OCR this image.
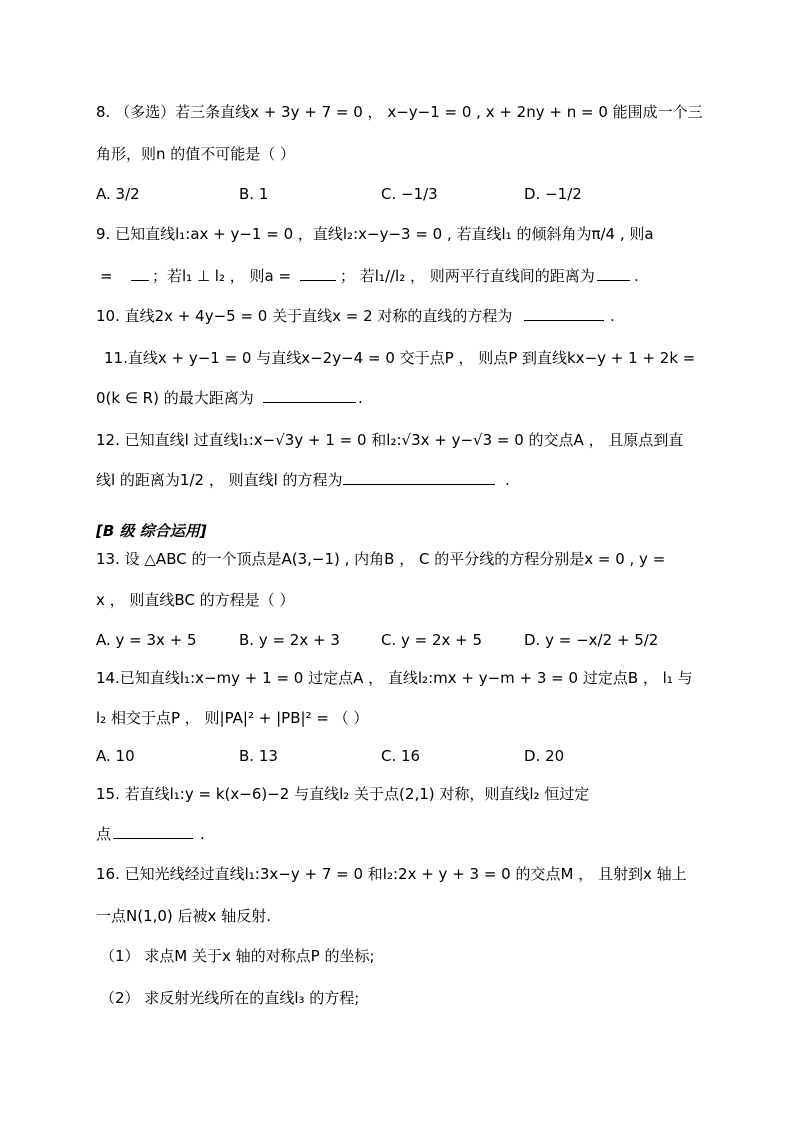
8. （多选）若三条直线x + 3y + 7 = 0 ， x−y−1 = 0 , x + 2ny + n = 0 能围成一个三
角形，则n 的值不可能是（ ）
A. 3/2	B. 1	C. −1/3	D. −1/2
9. 已知直线l₁:ax + y−1 = 0 ，直线l₂:x−y−3 = 0 , 若直线l₁ 的倾斜角为π/4 , 则a
=	；若l₁ ⊥ l₂ ， 则a =	； 若l₁//l₂ ， 则两平行直线间的距离为	.
10. 直线2x + 4y−5 = 0 关于直线x = 2 对称的直线的方程为	.
11.直线x + y−1 = 0 与直线x−2y−4 = 0 交于点P ， 则点P 到直线kx−y + 1 + 2k =
0(k ∈ R) 的最大距离为	.
12. 已知直线l 过直线l₁:x−√3y + 1 = 0 和l₂:√3x + y−√3 = 0 的交点A ， 且原点到直
线l 的距离为1/2 ， 则直线l 的方程为	.
[B 级 综合运用]
13. 设 △ABC 的一个顶点是A(3,−1) , 内角B ， C 的平分线的方程分别是x = 0 , y =
x ， 则直线BC 的方程是（ ）
A. y = 3x + 5	B. y = 2x + 3	C. y = 2x + 5	D. y = −x/2 + 5/2
14.已知直线l₁:x−my + 1 = 0 过定点A ， 直线l₂:mx + y−m + 3 = 0 过定点B ， l₁ 与
l₂ 相交于点P ， 则|PA|² + |PB|² = （ ）
A. 10	B. 13	C. 16	D. 20
15. 若直线l₁:y = k(x−6)−2 与直线l₂ 关于点(2,1) 对称，则直线l₂ 恒过定
点	.
16. 已知光线经过直线l₁:3x−y + 7 = 0 和l₂:2x + y + 3 = 0 的交点M ， 且射到x 轴上
一点N(1,0) 后被x 轴反射.
（1） 求点M 关于x 轴的对称点P 的坐标;
（2） 求反射光线所在的直线l₃ 的方程;
